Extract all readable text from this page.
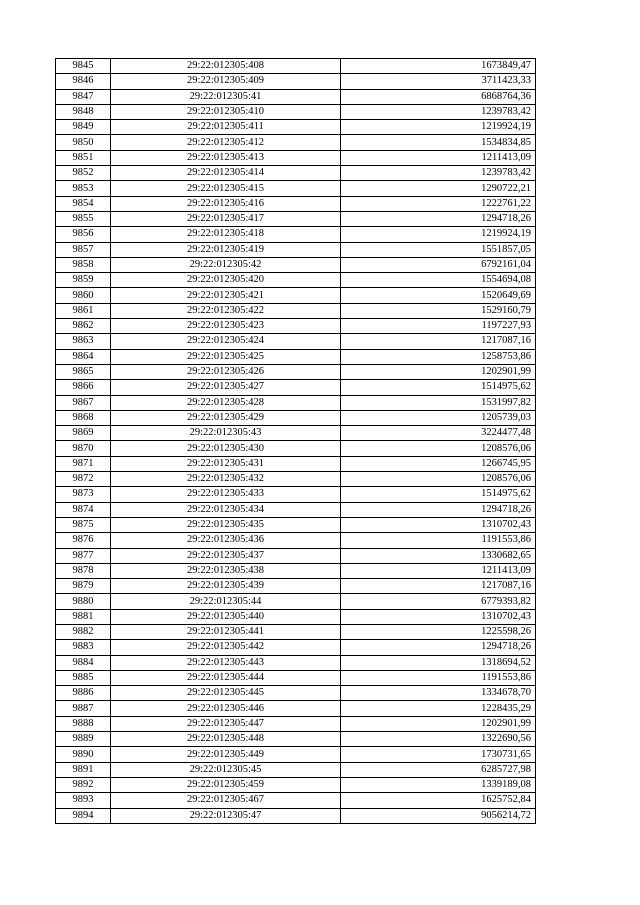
9845	29:22:012305:408	1673849,47
9846	29:22:012305:409	3711423,33
9847	29:22:012305:41	6868764,36
9848	29:22:012305:410	1239783,42
9849	29:22:012305:411	1219924,19
9850	29:22:012305:412	1534834,85
9851	29:22:012305:413	1211413,09
9852	29:22:012305:414	1239783,42
9853	29:22:012305:415	1290722,21
9854	29:22:012305:416	1222761,22
9855	29:22:012305:417	1294718,26
9856	29:22:012305:418	1219924,19
9857	29:22:012305:419	1551857,05
9858	29:22:012305:42	6792161,04
9859	29:22:012305:420	1554694,08
9860	29:22:012305:421	1520649,69
9861	29:22:012305:422	1529160,79
9862	29:22:012305:423	1197227,93
9863	29:22:012305:424	1217087,16
9864	29:22:012305:425	1258753,86
9865	29:22:012305:426	1202901,99
9866	29:22:012305:427	1514975,62
9867	29:22:012305:428	1531997,82
9868	29:22:012305:429	1205739,03
9869	29:22:012305:43	3224477,48
9870	29:22:012305:430	1208576,06
9871	29:22:012305:431	1266745,95
9872	29:22:012305:432	1208576,06
9873	29:22:012305:433	1514975,62
9874	29:22:012305:434	1294718,26
9875	29:22:012305:435	1310702,43
9876	29:22:012305:436	1191553,86
9877	29:22:012305:437	1330682,65
9878	29:22:012305:438	1211413,09
9879	29:22:012305:439	1217087,16
9880	29:22:012305:44	6779393,82
9881	29:22:012305:440	1310702,43
9882	29:22:012305:441	1225598,26
9883	29:22:012305:442	1294718,26
9884	29:22:012305:443	1318694,52
9885	29:22:012305:444	1191553,86
9886	29:22:012305:445	1334678,70
9887	29:22:012305:446	1228435,29
9888	29:22:012305:447	1202901,99
9889	29:22:012305:448	1322690,56
9890	29:22:012305:449	1730731,65
9891	29:22:012305:45	6285727,98
9892	29:22:012305:459	1339189,08
9893	29:22:012305:467	1625752,84
9894	29:22:012305:47	9056214,72
